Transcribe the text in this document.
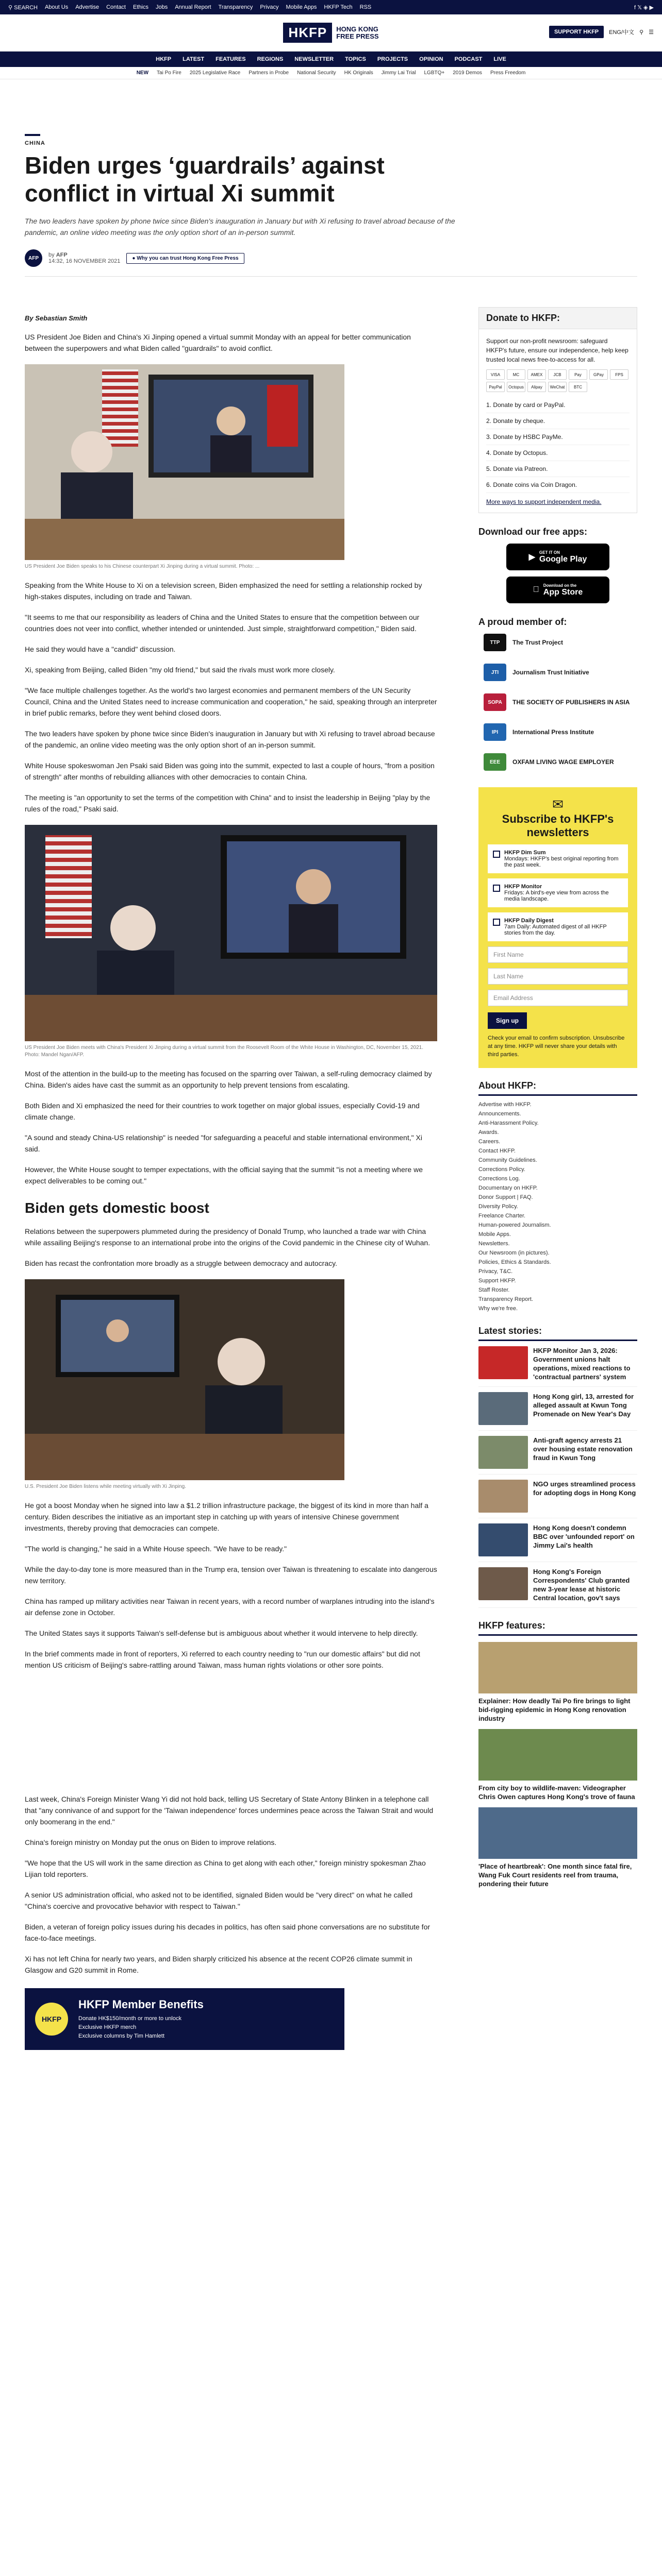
⚲ SEARCH About Us Advertise Contact Ethics Jobs Annual Report Transparency Privacy Mobile Apps HKFP Tech RSS	f 𝕏 ◈ ▶
HKFP	HONG KONG
FREE PRESS
SUPPORT HKFP	ENG/中文 ⚲ ☰
HKFP LATEST FEATURES REGIONS NEWSLETTER TOPICS PROJECTS OPINION PODCAST LIVE
NEW Tai Po Fire 2025 Legislative Race Partners in Probe National Security HK Originals Jimmy Lai Trial LGBTQ+ 2019 Demos Press Freedom
CHINA
Biden urges ‘guardrails’ against conflict in virtual Xi summit
The two leaders have spoken by phone twice since Biden's inauguration in January but with Xi refusing to travel abroad because of the pandemic, an online video meeting was the only option short of an in-person summit.
AFP	by AFP
14:32, 16 NOVEMBER 2021	● Why you can trust Hong Kong Free Press
By Sebastian Smith

US President Joe Biden and China's Xi Jinping opened a virtual summit Monday with an appeal for better communication between the superpowers and what Biden called "guardrails" to avoid conflict.

US President Joe Biden speaks to his Chinese counterpart Xi Jinping during a virtual summit. Photo: ...

Speaking from the White House to Xi on a television screen, Biden emphasized the need for settling a relationship rocked by high-stakes disputes, including on trade and Taiwan.

"It seems to me that our responsibility as leaders of China and the United States to ensure that the competition between our countries does not veer into conflict, whether intended or unintended. Just simple, straightforward competition," Biden said.

He said they would have a "candid" discussion.

Xi, speaking from Beijing, called Biden "my old friend," but said the rivals must work more closely.

"We face multiple challenges together. As the world's two largest economies and permanent members of the UN Security Council, China and the United States need to increase communication and cooperation," he said, speaking through an interpreter in brief public remarks, before they went behind closed doors.

The two leaders have spoken by phone twice since Biden's inauguration in January but with Xi refusing to travel abroad because of the pandemic, an online video meeting was the only option short of an in-person summit.

White House spokeswoman Jen Psaki said Biden was going into the summit, expected to last a couple of hours, "from a position of strength" after months of rebuilding alliances with other democracies to contain China.

The meeting is "an opportunity to set the terms of the competition with China" and to insist the leadership in Beijing "play by the rules of the road," Psaki said.

US President Joe Biden meets with China's President Xi Jinping during a virtual summit from the Roosevelt Room of the White House in Washington, DC, November 15, 2021. Photo: Mandel Ngan/AFP.

Most of the attention in the build-up to the meeting has focused on the sparring over Taiwan, a self-ruling democracy claimed by China. Biden's aides have cast the summit as an opportunity to help prevent tensions from escalating.

Both Biden and Xi emphasized the need for their countries to work together on major global issues, especially Covid-19 and climate change.

"A sound and steady China-US relationship" is needed "for safeguarding a peaceful and stable international environment," Xi said.

However, the White House sought to temper expectations, with the official saying that the summit "is not a meeting where we expect deliverables to be coming out."

Biden gets domestic boost

Relations between the superpowers plummeted during the presidency of Donald Trump, who launched a trade war with China while assailing Beijing's response to an international probe into the origins of the Covid pandemic in the Chinese city of Wuhan.

Biden has recast the confrontation more broadly as a struggle between democracy and autocracy.

U.S. President Joe Biden listens while meeting virtually with Xi Jinping.

He got a boost Monday when he signed into law a $1.2 trillion infrastructure package, the biggest of its kind in more than half a century. Biden describes the initiative as an important step in catching up with years of intensive Chinese government investments, thereby proving that democracies can compete.

"The world is changing," he said in a White House speech. "We have to be ready."

While the day-to-day tone is more measured than in the Trump era, tension over Taiwan is threatening to escalate into dangerous new territory.

China has ramped up military activities near Taiwan in recent years, with a record number of warplanes intruding into the island's air defense zone in October.

The United States says it supports Taiwan's self-defense but is ambiguous about whether it would intervene to help directly.

In the brief comments made in front of reporters, Xi referred to each country needing to "run our domestic affairs" but did not mention US criticism of Beijing's sabre-rattling around Taiwan, mass human rights violations or other sore points.

Last week, China's Foreign Minister Wang Yi did not hold back, telling US Secretary of State Antony Blinken in a telephone call that "any connivance of and support for the 'Taiwan independence' forces undermines peace across the Taiwan Strait and would only boomerang in the end."

China's foreign ministry on Monday put the onus on Biden to improve relations.

"We hope that the US will work in the same direction as China to get along with each other," foreign ministry spokesman Zhao Lijian told reporters.

A senior US administration official, who asked not to be identified, signaled Biden would be "very direct" on what he called "China's coercive and provocative behavior with respect to Taiwan."

Biden, a veteran of foreign policy issues during his decades in politics, has often said phone conversations are no substitute for face-to-face meetings.

Xi has not left China for nearly two years, and Biden sharply criticized his absence at the recent COP26 climate summit in Glasgow and G20 summit in Rome.

HKFP
HKFP Member Benefits
Donate HK$150/month or more to unlock
Exclusive HKFP merch
Exclusive columns by Tim Hamlett
Donate to HKFP:
Support our non-profit newsroom: safeguard HKFP's future, ensure our independence, help keep trusted local news free-to-access for all.
VISA	MC	AMEX	JCB	Pay	GPay	FPS
PayPal	Octopus	Alipay	WeChat	BTC
1. Donate by card or PayPal.
2. Donate by cheque.
3. Donate by HSBC PayMe.
4. Donate by Octopus.
5. Donate via Patreon.
6. Donate coins via Coin Dragon.
More ways to support independent media.
Download our free apps:
▶
GET IT ON
Google Play
Download on the
App Store
A proud member of:
TTP	The Trust Project
JTI	Journalism Trust Initiative
SOPA	THE SOCIETY OF PUBLISHERS IN ASIA
IPI	International Press Institute
EEE	OXFAM LIVING WAGE EMPLOYER
✉
Subscribe to HKFP's newsletters
HKFP Dim Sum
Mondays: HKFP's best original reporting from the past week.
HKFP Monitor
Fridays: A bird's-eye view from across the media landscape.
HKFP Daily Digest
7am Daily: Automated digest of all HKFP stories from the day.
First Name
Last Name
Email Address
Sign up
Check your email to confirm subscription. Unsubscribe at any time. HKFP will never share your details with third parties.
About HKFP:
Advertise with HKFP.
Announcements.
Anti-Harassment Policy.
Awards.
Careers.
Contact HKFP.
Community Guidelines.
Corrections Policy.
Corrections Log.
Documentary on HKFP.
Donor Support | FAQ.
Diversity Policy.
Freelance Charter.
Human-powered Journalism.
Mobile Apps.
Newsletters.
Our Newsroom (in pictures).
Policies, Ethics & Standards.
Privacy, T&C.
Support HKFP.
Staff Roster.
Transparency Report.
Why we're free.
Latest stories:
HKFP Monitor Jan 3, 2026: Government unions halt operations, mixed reactions to 'contractual partners' system
Hong Kong girl, 13, arrested for alleged assault at Kwun Tong Promenade on New Year's Day
Anti-graft agency arrests 21 over housing estate renovation fraud in Kwun Tong
NGO urges streamlined process for adopting dogs in Hong Kong
Hong Kong doesn't condemn BBC over 'unfounded report' on Jimmy Lai's health
Hong Kong's Foreign Correspondents' Club granted new 3-year lease at historic Central location, gov't says
HKFP features:
Explainer: How deadly Tai Po fire brings to light bid-rigging epidemic in Hong Kong renovation industry
From city boy to wildlife-maven: Videographer Chris Owen captures Hong Kong's trove of fauna
'Place of heartbreak': One month since fatal fire, Wang Fuk Court residents reel from trauma, pondering their future
